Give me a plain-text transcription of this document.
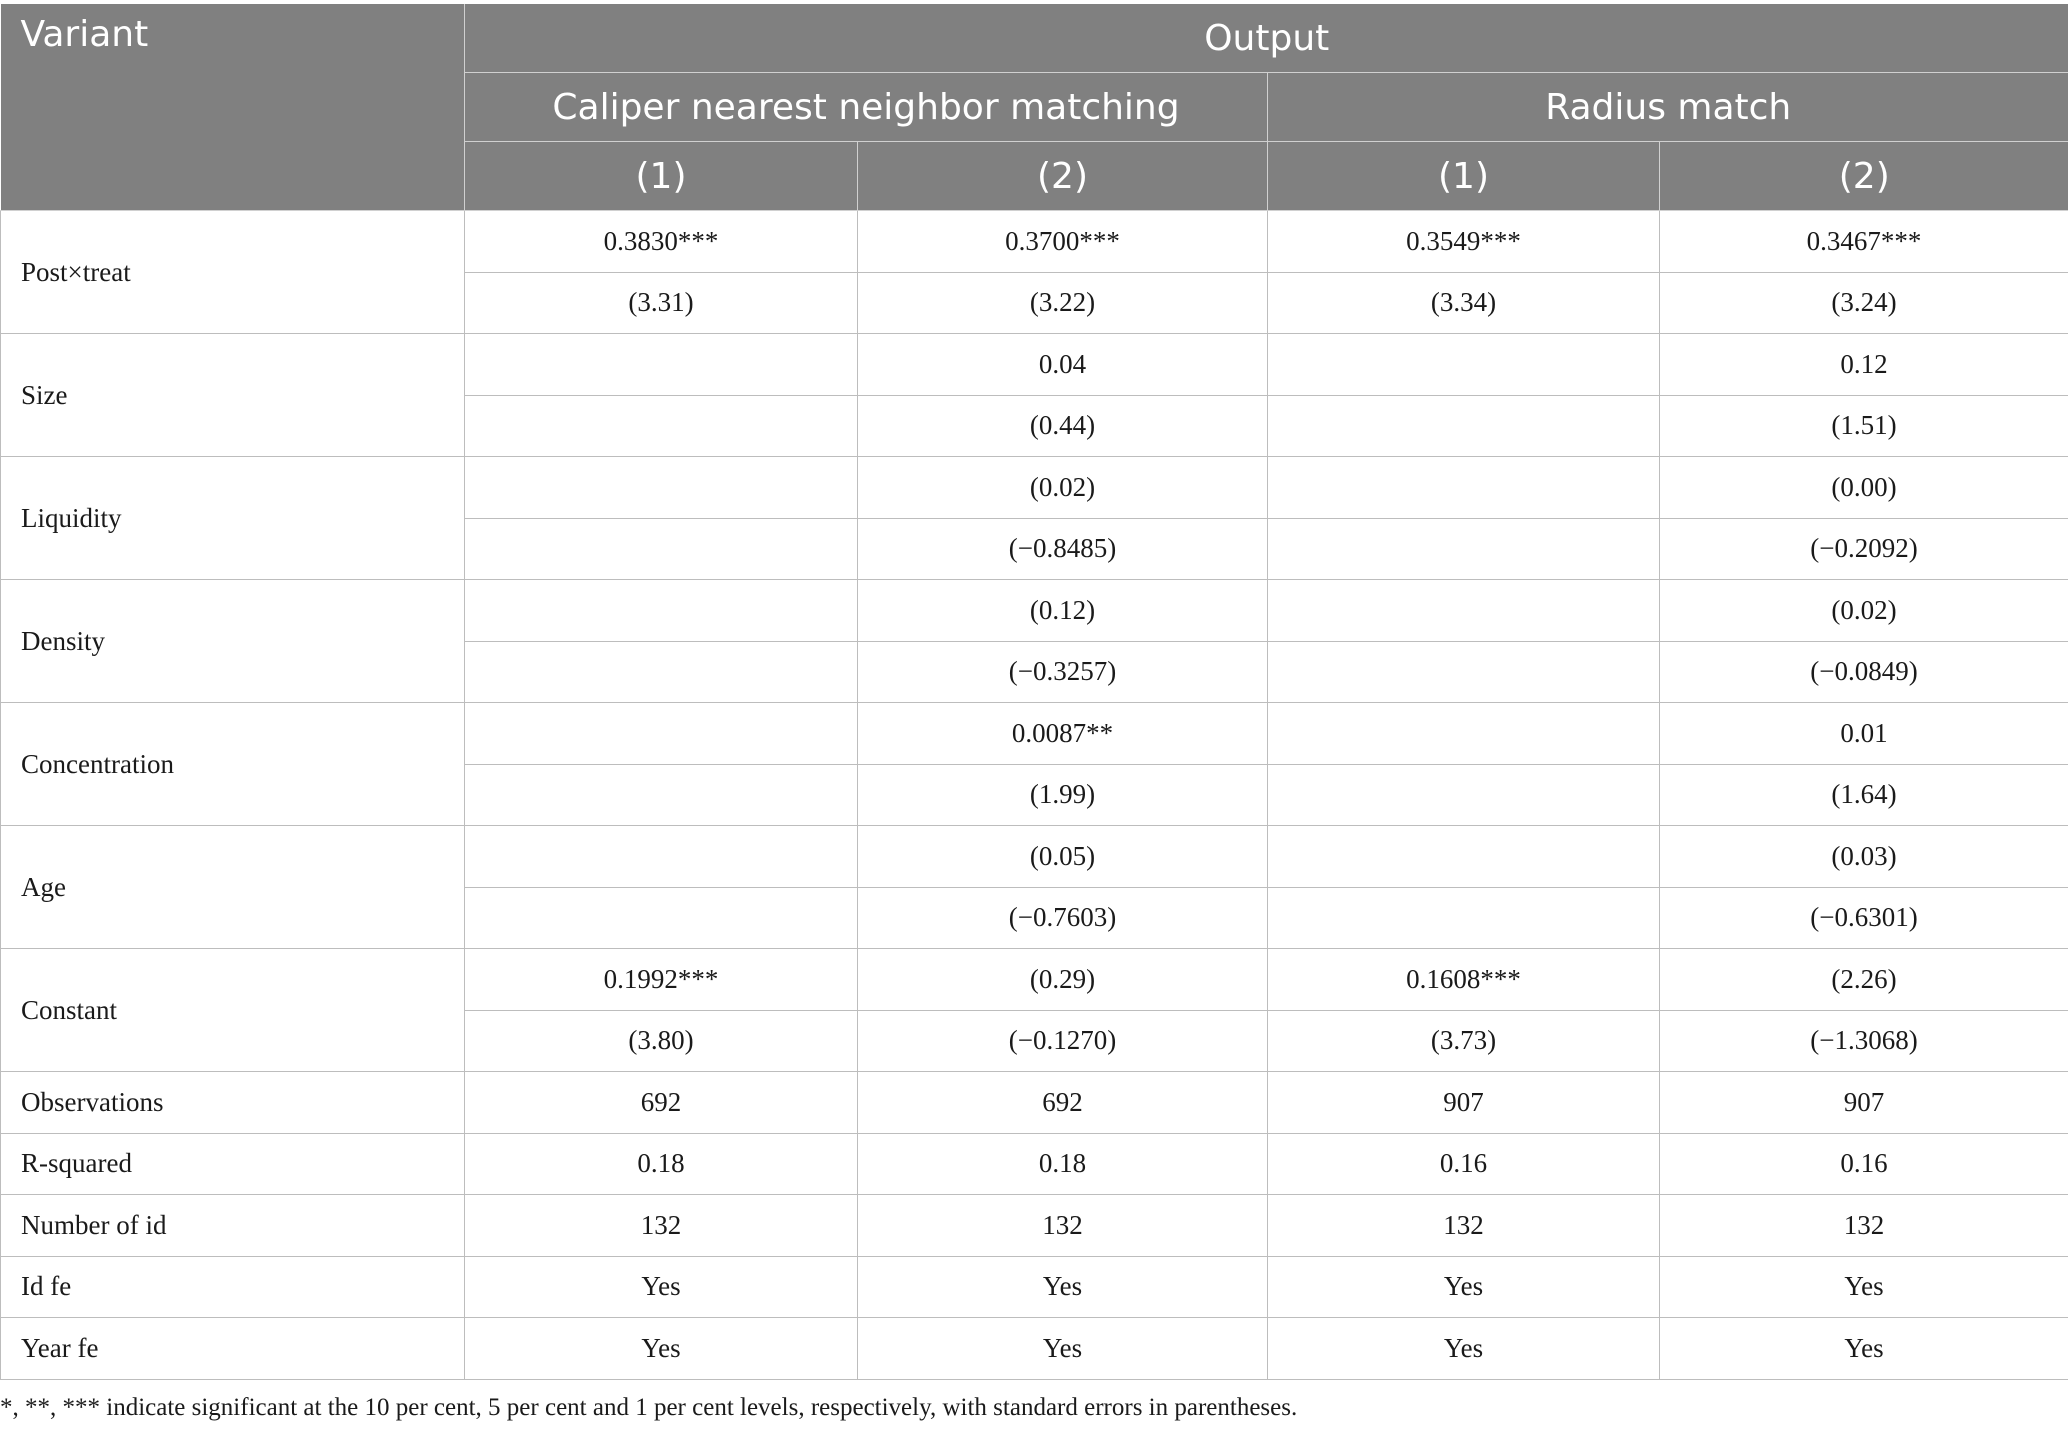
Variant	Output			
	Caliper nearest neighbor matching		Radius match	
	(1)	(2)	(1)	(2)
Post×treat	0.3830***	0.3700***	0.3549***	0.3467***
	(3.31)	(3.22)	(3.34)	(3.24)
Size		0.04		0.12
		(0.44)		(1.51)
Liquidity		(0.02)		(0.00)
		(−0.8485)		(−0.2092)
Density		(0.12)		(0.02)
		(−0.3257)		(−0.0849)
Concentration		0.0087**		0.01
		(1.99)		(1.64)
Age		(0.05)		(0.03)
		(−0.7603)		(−0.6301)
Constant	0.1992***	(0.29)	0.1608***	(2.26)
	(3.80)	(−0.1270)	(3.73)	(−1.3068)
Observations	692	692	907	907
R-squared	0.18	0.18	0.16	0.16
Number of id	132	132	132	132
Id fe	Yes	Yes	Yes	Yes
Year fe	Yes	Yes	Yes	Yes
*, **, *** indicate significant at the 10 per cent, 5 per cent and 1 per cent levels, respectively, with standard errors in parentheses.
